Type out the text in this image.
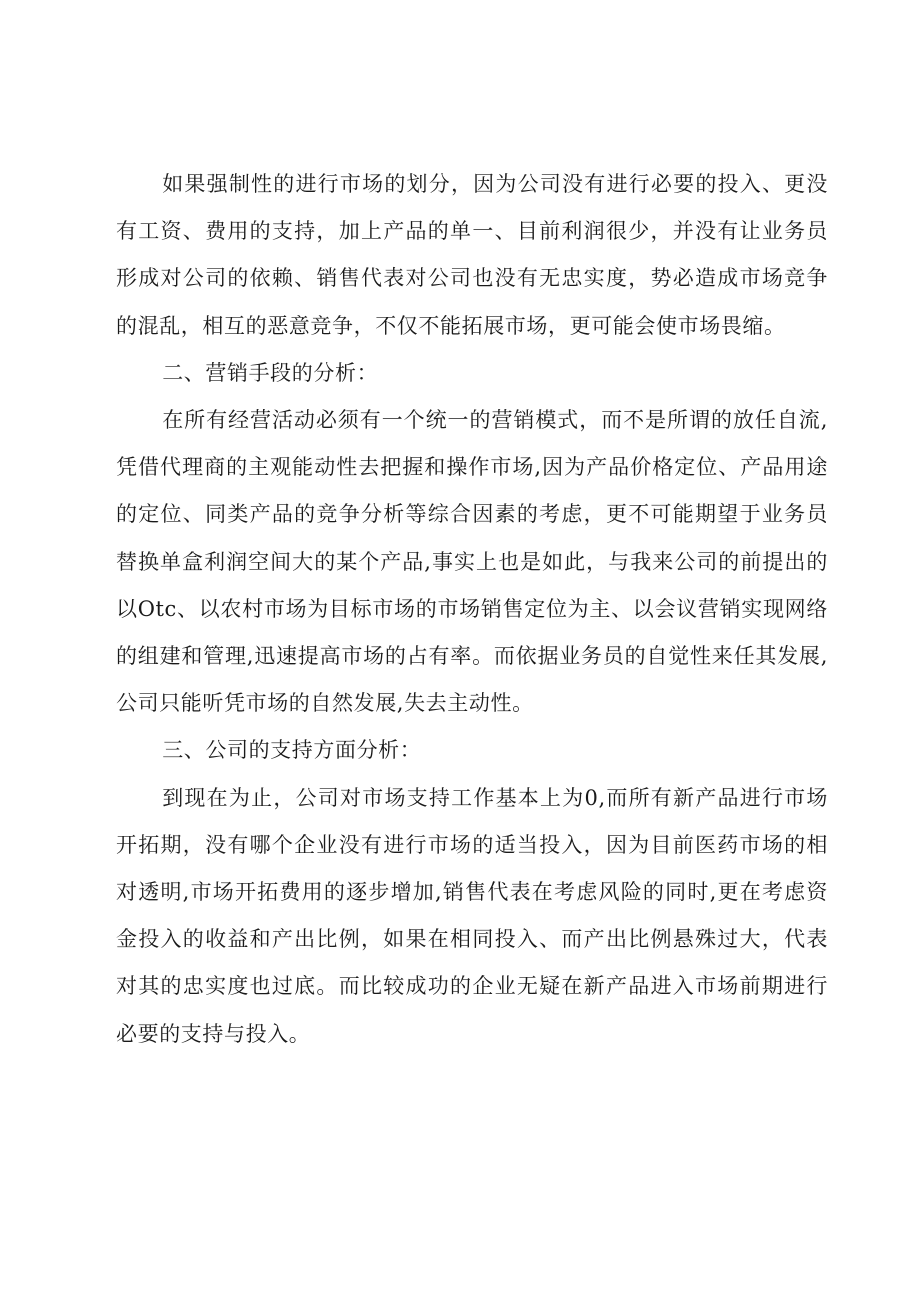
如果强制性的进行市场的划分，因为公司没有进行必要的投入、更没有工资、费用的支持，加上产品的单一、目前利润很少，并没有让业务员形成对公司的依赖、销售代表对公司也没有无忠实度，势必造成市场竞争的混乱，相互的恶意竞争，不仅不能拓展市场，更可能会使市场畏缩。

二、营销手段的分析：

在所有经营活动必须有一个统一的营销模式，而不是所谓的放任自流,凭借代理商的主观能动性去把握和操作市场,因为产品价格定位、产品用途的定位、同类产品的竞争分析等综合因素的考虑，更不可能期望于业务员替换单盒利润空间大的某个产品,事实上也是如此，与我来公司的前提出的以Otc、以农村市场为目标市场的市场销售定位为主、以会议营销实现网络的组建和管理,迅速提高市场的占有率。而依据业务员的自觉性来任其发展,公司只能听凭市场的自然发展,失去主动性。

三、公司的支持方面分析：

到现在为止，公司对市场支持工作基本上为0,而所有新产品进行市场开拓期，没有哪个企业没有进行市场的适当投入，因为目前医药市场的相对透明,市场开拓费用的逐步增加,销售代表在考虑风险的同时,更在考虑资金投入的收益和产出比例，如果在相同投入、而产出比例悬殊过大，代表对其的忠实度也过底。而比较成功的企业无疑在新产品进入市场前期进行必要的支持与投入。
